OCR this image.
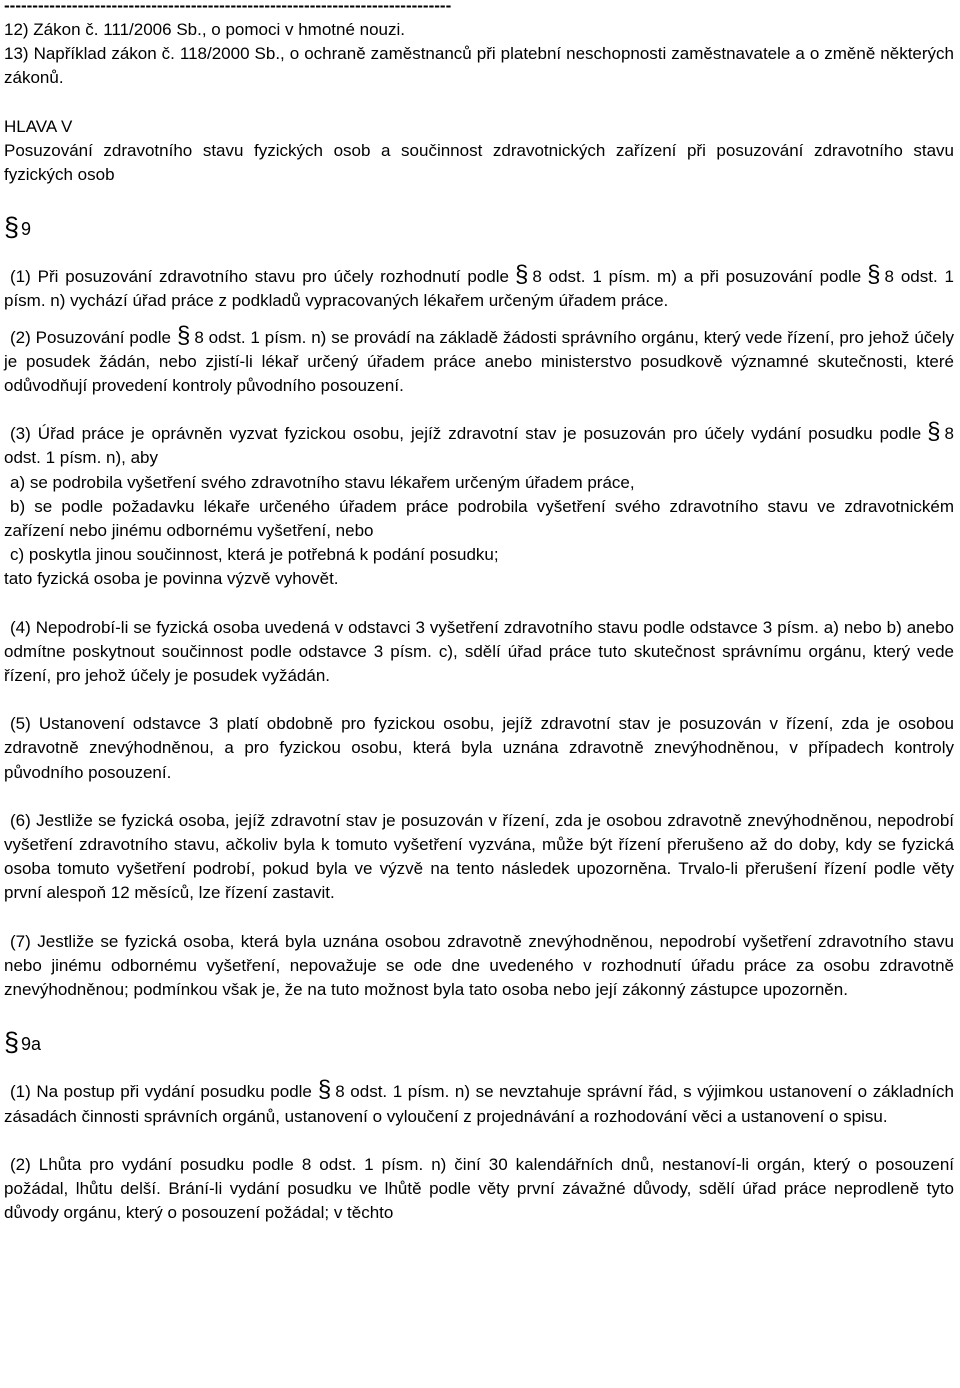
-------------------------------------------------------------------------------

12) Zákon č. 111/2006 Sb., o pomoci v hmotné nouzi.

13) Například zákon č. 118/2000 Sb., o ochraně zaměstnanců při platební neschopnosti zaměstnavatele a o změně některých zákonů.

HLAVA V

Posuzování zdravotního stavu fyzických osob a součinnost zdravotnických zařízení při posuzování zdravotního stavu fyzických osob

§ 9

(1) Při posuzování zdravotního stavu pro účely rozhodnutí podle § 8 odst. 1 písm. m) a při posuzování podle § 8 odst. 1 písm. n) vychází úřad práce z podkladů vypracovaných lékařem určeným úřadem práce.

(2) Posuzování podle § 8 odst. 1 písm. n) se provádí na základě žádosti správního orgánu, který vede řízení, pro jehož účely je posudek žádán, nebo zjistí-li lékař určený úřadem práce anebo ministerstvo posudkově významné skutečnosti, které odůvodňují provedení kontroly původního posouzení.

(3) Úřad práce je oprávněn vyzvat fyzickou osobu, jejíž zdravotní stav je posuzován pro účely vydání posudku podle § 8 odst. 1 písm. n), aby

a) se podrobila vyšetření svého zdravotního stavu lékařem určeným úřadem práce,

b) se podle požadavku lékaře určeného úřadem práce podrobila vyšetření svého zdravotního stavu ve zdravotnickém zařízení nebo jinému odbornému vyšetření, nebo

c) poskytla jinou součinnost, která je potřebná k podání posudku;

tato fyzická osoba je povinna výzvě vyhovět.

(4) Nepodrobí-li se fyzická osoba uvedená v odstavci 3 vyšetření zdravotního stavu podle odstavce 3 písm. a) nebo b) anebo odmítne poskytnout součinnost podle odstavce 3 písm. c), sdělí úřad práce tuto skutečnost správnímu orgánu, který vede řízení, pro jehož účely je posudek vyžádán.

(5) Ustanovení odstavce 3 platí obdobně pro fyzickou osobu, jejíž zdravotní stav je posuzován v řízení, zda je osobou zdravotně znevýhodněnou, a pro fyzickou osobu, která byla uznána zdravotně znevýhodněnou, v případech kontroly původního posouzení.

(6) Jestliže se fyzická osoba, jejíž zdravotní stav je posuzován v řízení, zda je osobou zdravotně znevýhodněnou, nepodrobí vyšetření zdravotního stavu, ačkoliv byla k tomuto vyšetření vyzvána, může být řízení přerušeno až do doby, kdy se fyzická osoba tomuto vyšetření podrobí, pokud byla ve výzvě na tento následek upozorněna. Trvalo-li přerušení řízení podle věty první alespoň 12 měsíců, lze řízení zastavit.

(7) Jestliže se fyzická osoba, která byla uznána osobou zdravotně znevýhodněnou, nepodrobí vyšetření zdravotního stavu nebo jinému odbornému vyšetření, nepovažuje se ode dne uvedeného v rozhodnutí úřadu práce za osobu zdravotně znevýhodněnou; podmínkou však je, že na tuto možnost byla tato osoba nebo její zákonný zástupce upozorněn.

§ 9a

(1) Na postup při vydání posudku podle § 8 odst. 1 písm. n) se nevztahuje správní řád, s výjimkou ustanovení o základních zásadách činnosti správních orgánů, ustanovení o vyloučení z projednávání a rozhodování věci a ustanovení o spisu.

(2) Lhůta pro vydání posudku podle 8 odst. 1 písm. n) činí 30 kalendářních dnů, nestanoví-li orgán, který o posouzení požádal, lhůtu delší. Brání-li vydání posudku ve lhůtě podle věty první závažné důvody, sdělí úřad práce neprodleně tyto důvody orgánu, který o posouzení požádal; v těchto
